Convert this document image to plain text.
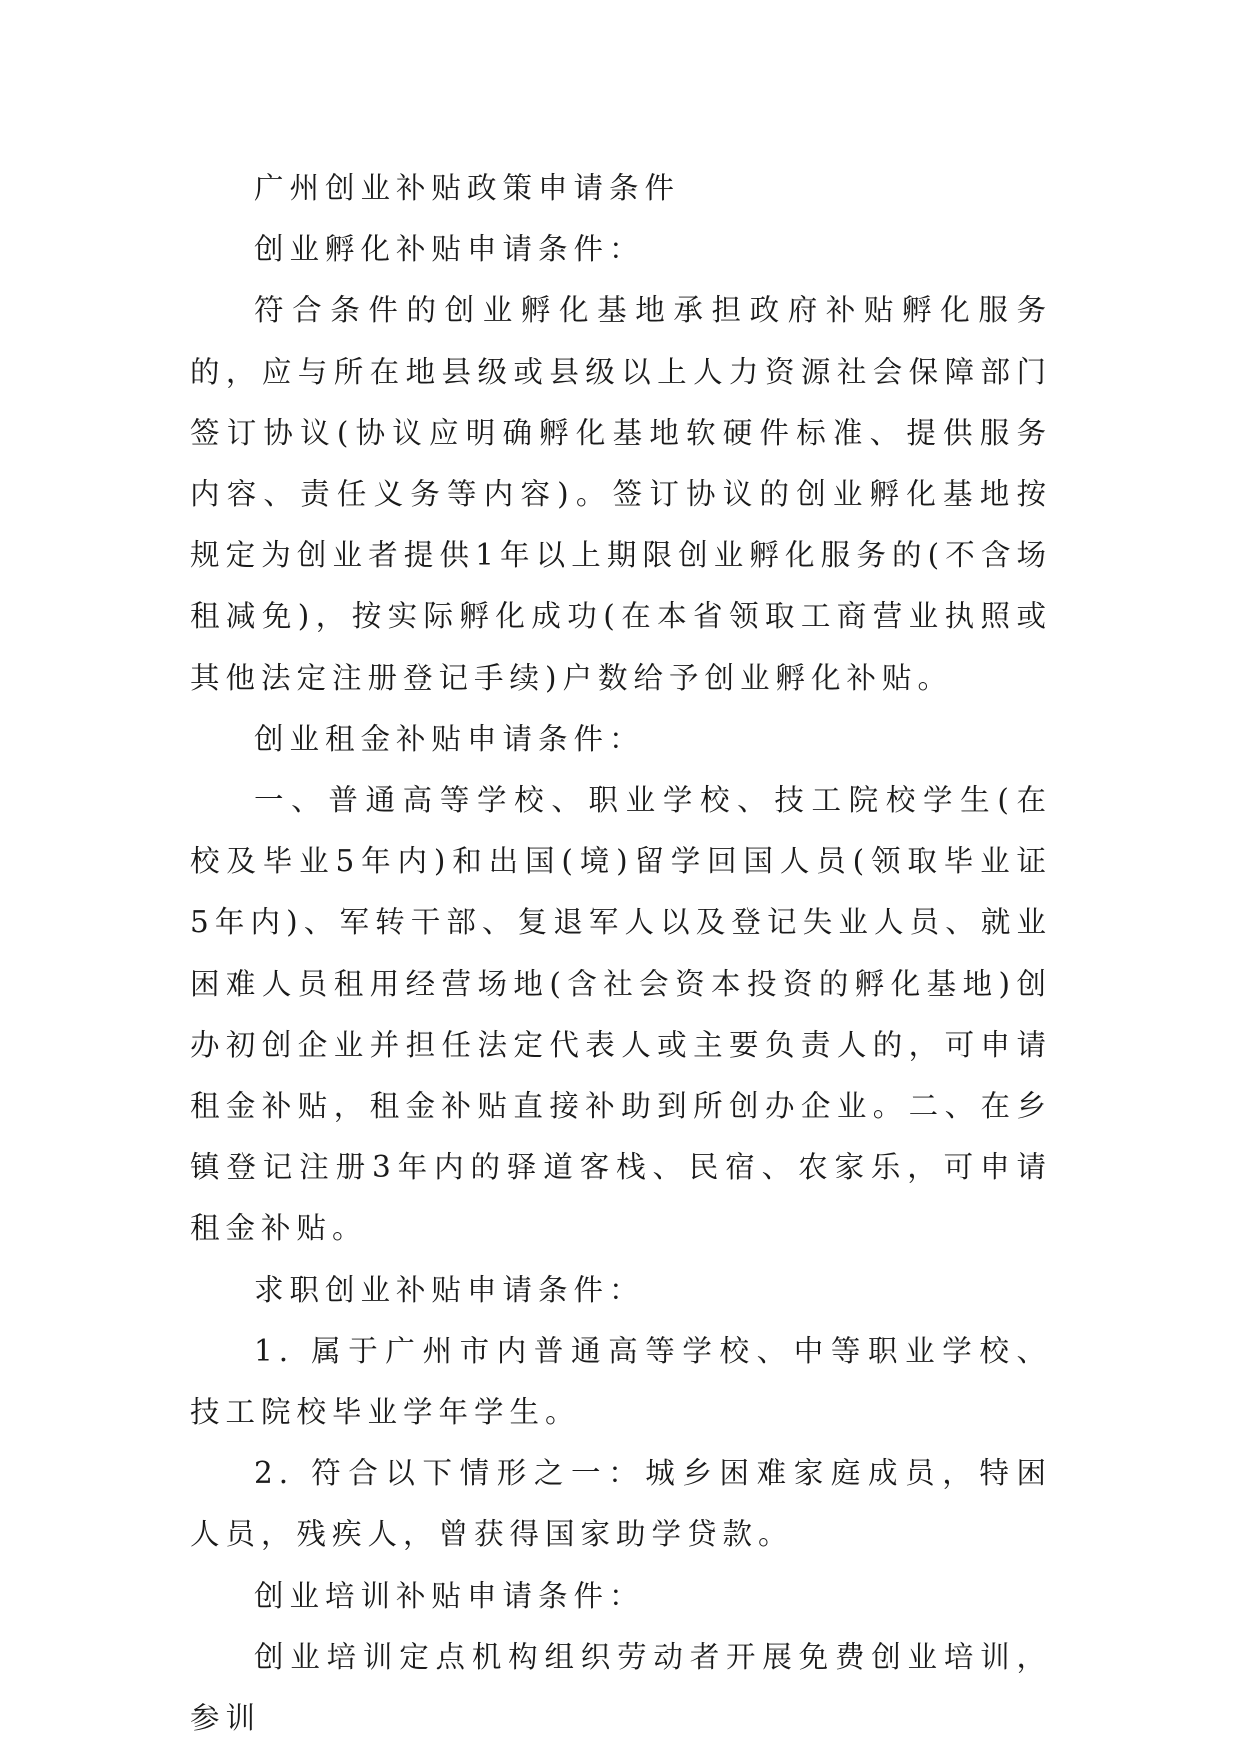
广州创业补贴政策申请条件

创业孵化补贴申请条件：

符合条件的创业孵化基地承担政府补贴孵化服务的，应与所在地县级或县级以上人力资源社会保障部门签订协议(协议应明确孵化基地软硬件标准、提供服务内容、责任义务等内容)。签订协议的创业孵化基地按规定为创业者提供1年以上期限创业孵化服务的(不含场租减免)，按实际孵化成功(在本省领取工商营业执照或其他法定注册登记手续)户数给予创业孵化补贴。

创业租金补贴申请条件：

一、普通高等学校、职业学校、技工院校学生(在校及毕业5年内)和出国(境)留学回国人员(领取毕业证5年内)、军转干部、复退军人以及登记失业人员、就业困难人员租用经营场地(含社会资本投资的孵化基地)创办初创企业并担任法定代表人或主要负责人的，可申请租金补贴，租金补贴直接补助到所创办企业。二、在乡镇登记注册3年内的驿道客栈、民宿、农家乐，可申请租金补贴。

求职创业补贴申请条件：

1. 属于广州市内普通高等学校、中等职业学校、技工院校毕业学年学生。

2. 符合以下情形之一：城乡困难家庭成员，特困人员，残疾人，曾获得国家助学贷款。

创业培训补贴申请条件：

创业培训定点机构组织劳动者开展免费创业培训，参训
